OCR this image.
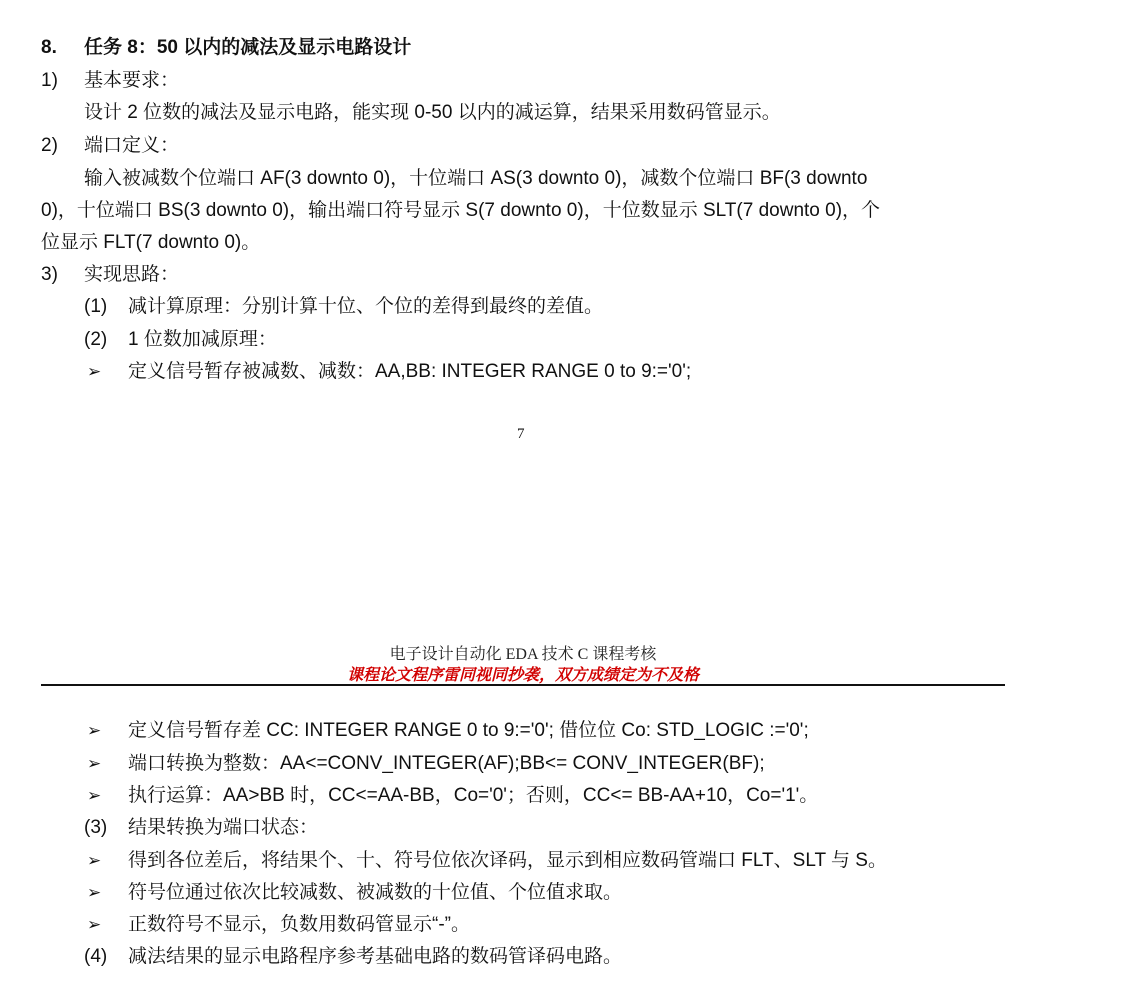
8. 任务 8：50 以内的减法及显示电路设计
1) 基本要求：
设计 2 位数的减法及显示电路，能实现 0-50 以内的减运算，结果采用数码管显示。
2) 端口定义：
输入被减数个位端口 AF(3 downto 0)，十位端口 AS(3 downto 0)，减数个位端口 BF(3 downto
0)，十位端口 BS(3 downto 0)，输出端口符号显示 S(7 downto 0)，十位数显示 SLT(7 downto 0)，个
位显示 FLT(7 downto 0)。
3) 实现思路：
(1) 减计算原理：分别计算十位、个位的差得到最终的差值。
(2) 1 位数加减原理：
➢ 定义信号暂存被减数、减数：AA,BB: INTEGER RANGE 0 to 9:='0';
7
电子设计自动化 EDA 技术 C 课程考核
课程论文程序雷同视同抄袭，双方成绩定为不及格
➢ 定义信号暂存差 CC: INTEGER RANGE 0 to 9:='0'; 借位位 Co: STD_LOGIC :='0';
➢ 端口转换为整数：AA<=CONV_INTEGER(AF);BB<= CONV_INTEGER(BF);
➢ 执行运算：AA>BB 时，CC<=AA-BB，Co='0'；否则，CC<= BB-AA+10，Co='1'。
(3) 结果转换为端口状态：
➢ 得到各位差后，将结果个、十、符号位依次译码，显示到相应数码管端口 FLT、SLT 与 S。
➢ 符号位通过依次比较减数、被减数的十位值、个位值求取。
➢ 正数符号不显示，负数用数码管显示“-”。
(4) 减法结果的显示电路程序参考基础电路的数码管译码电路。
